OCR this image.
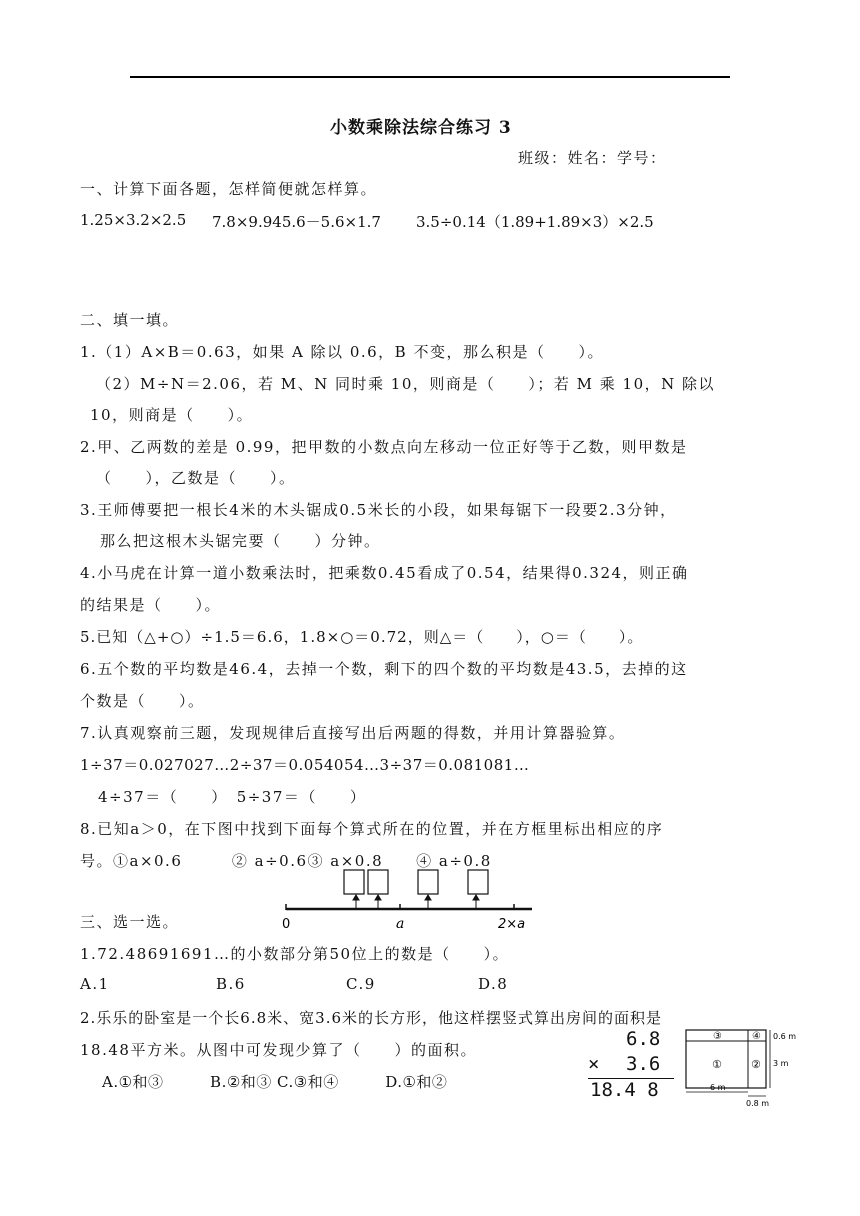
小数乘除法综合练习 3
班级：姓名：学号：
一、计算下面各题，怎样简便就怎样算。
1.25×3.2×2.5 7.8×9.945.6－5.6×1.7 3.5÷0.14（1.89+1.89×3）×2.5
二、填一填。
1.（1）A×B＝0.63，如果 A 除以 0.6，B 不变，那么积是（　　）。
（2）M÷N＝2.06，若 M、N 同时乘 10，则商是（　　）；若 M 乘 10，N 除以
10，则商是（　　）。
2.甲、乙两数的差是 0.99，把甲数的小数点向左移动一位正好等于乙数，则甲数是
（　　），乙数是（　　）。
3.王师傅要把一根长4米的木头锯成0.5米长的小段，如果每锯下一段要2.3分钟，
那么把这根木头锯完要（　　）分钟。
4.小马虎在计算一道小数乘法时，把乘数0.45看成了0.54，结果得0.324，则正确
的结果是（　　）。
5.已知（△+○）÷1.5＝6.6，1.8×○＝0.72，则△＝（　　），○＝（　　）。
6.五个数的平均数是46.4，去掉一个数，剩下的四个数的平均数是43.5，去掉的这
个数是（　　）。
7.认真观察前三题，发现规律后直接写出后两题的得数，并用计算器验算。
1÷37＝0.027027…2÷37＝0.054054…3÷37＝0.081081…
4÷37＝（　　）　5÷37＝（　　）
8.已知a＞0，在下图中找到下面每个算式所在的位置，并在方框里标出相应的序
号。①a×0.6　　　② a÷0.6③ a×0.8　　④ a÷0.8
0	a	2×a
三、选一选。
1.72.48691691…的小数部分第50位上的数是（　　）。
A.1	B.6	C.9	D.8
2.乐乐的卧室是一个长6.8米、宽3.6米的长方形，他这样摆竖式算出房间的面积是
18.48平方米。从图中可发现少算了（　　）的面积。
A.①和③　　　B.②和③ C.③和④　　　D.①和②
6.8
× 3.6
18.4 8
③	④
①	②
0.6 m
3 m
6 m
0.8 m
